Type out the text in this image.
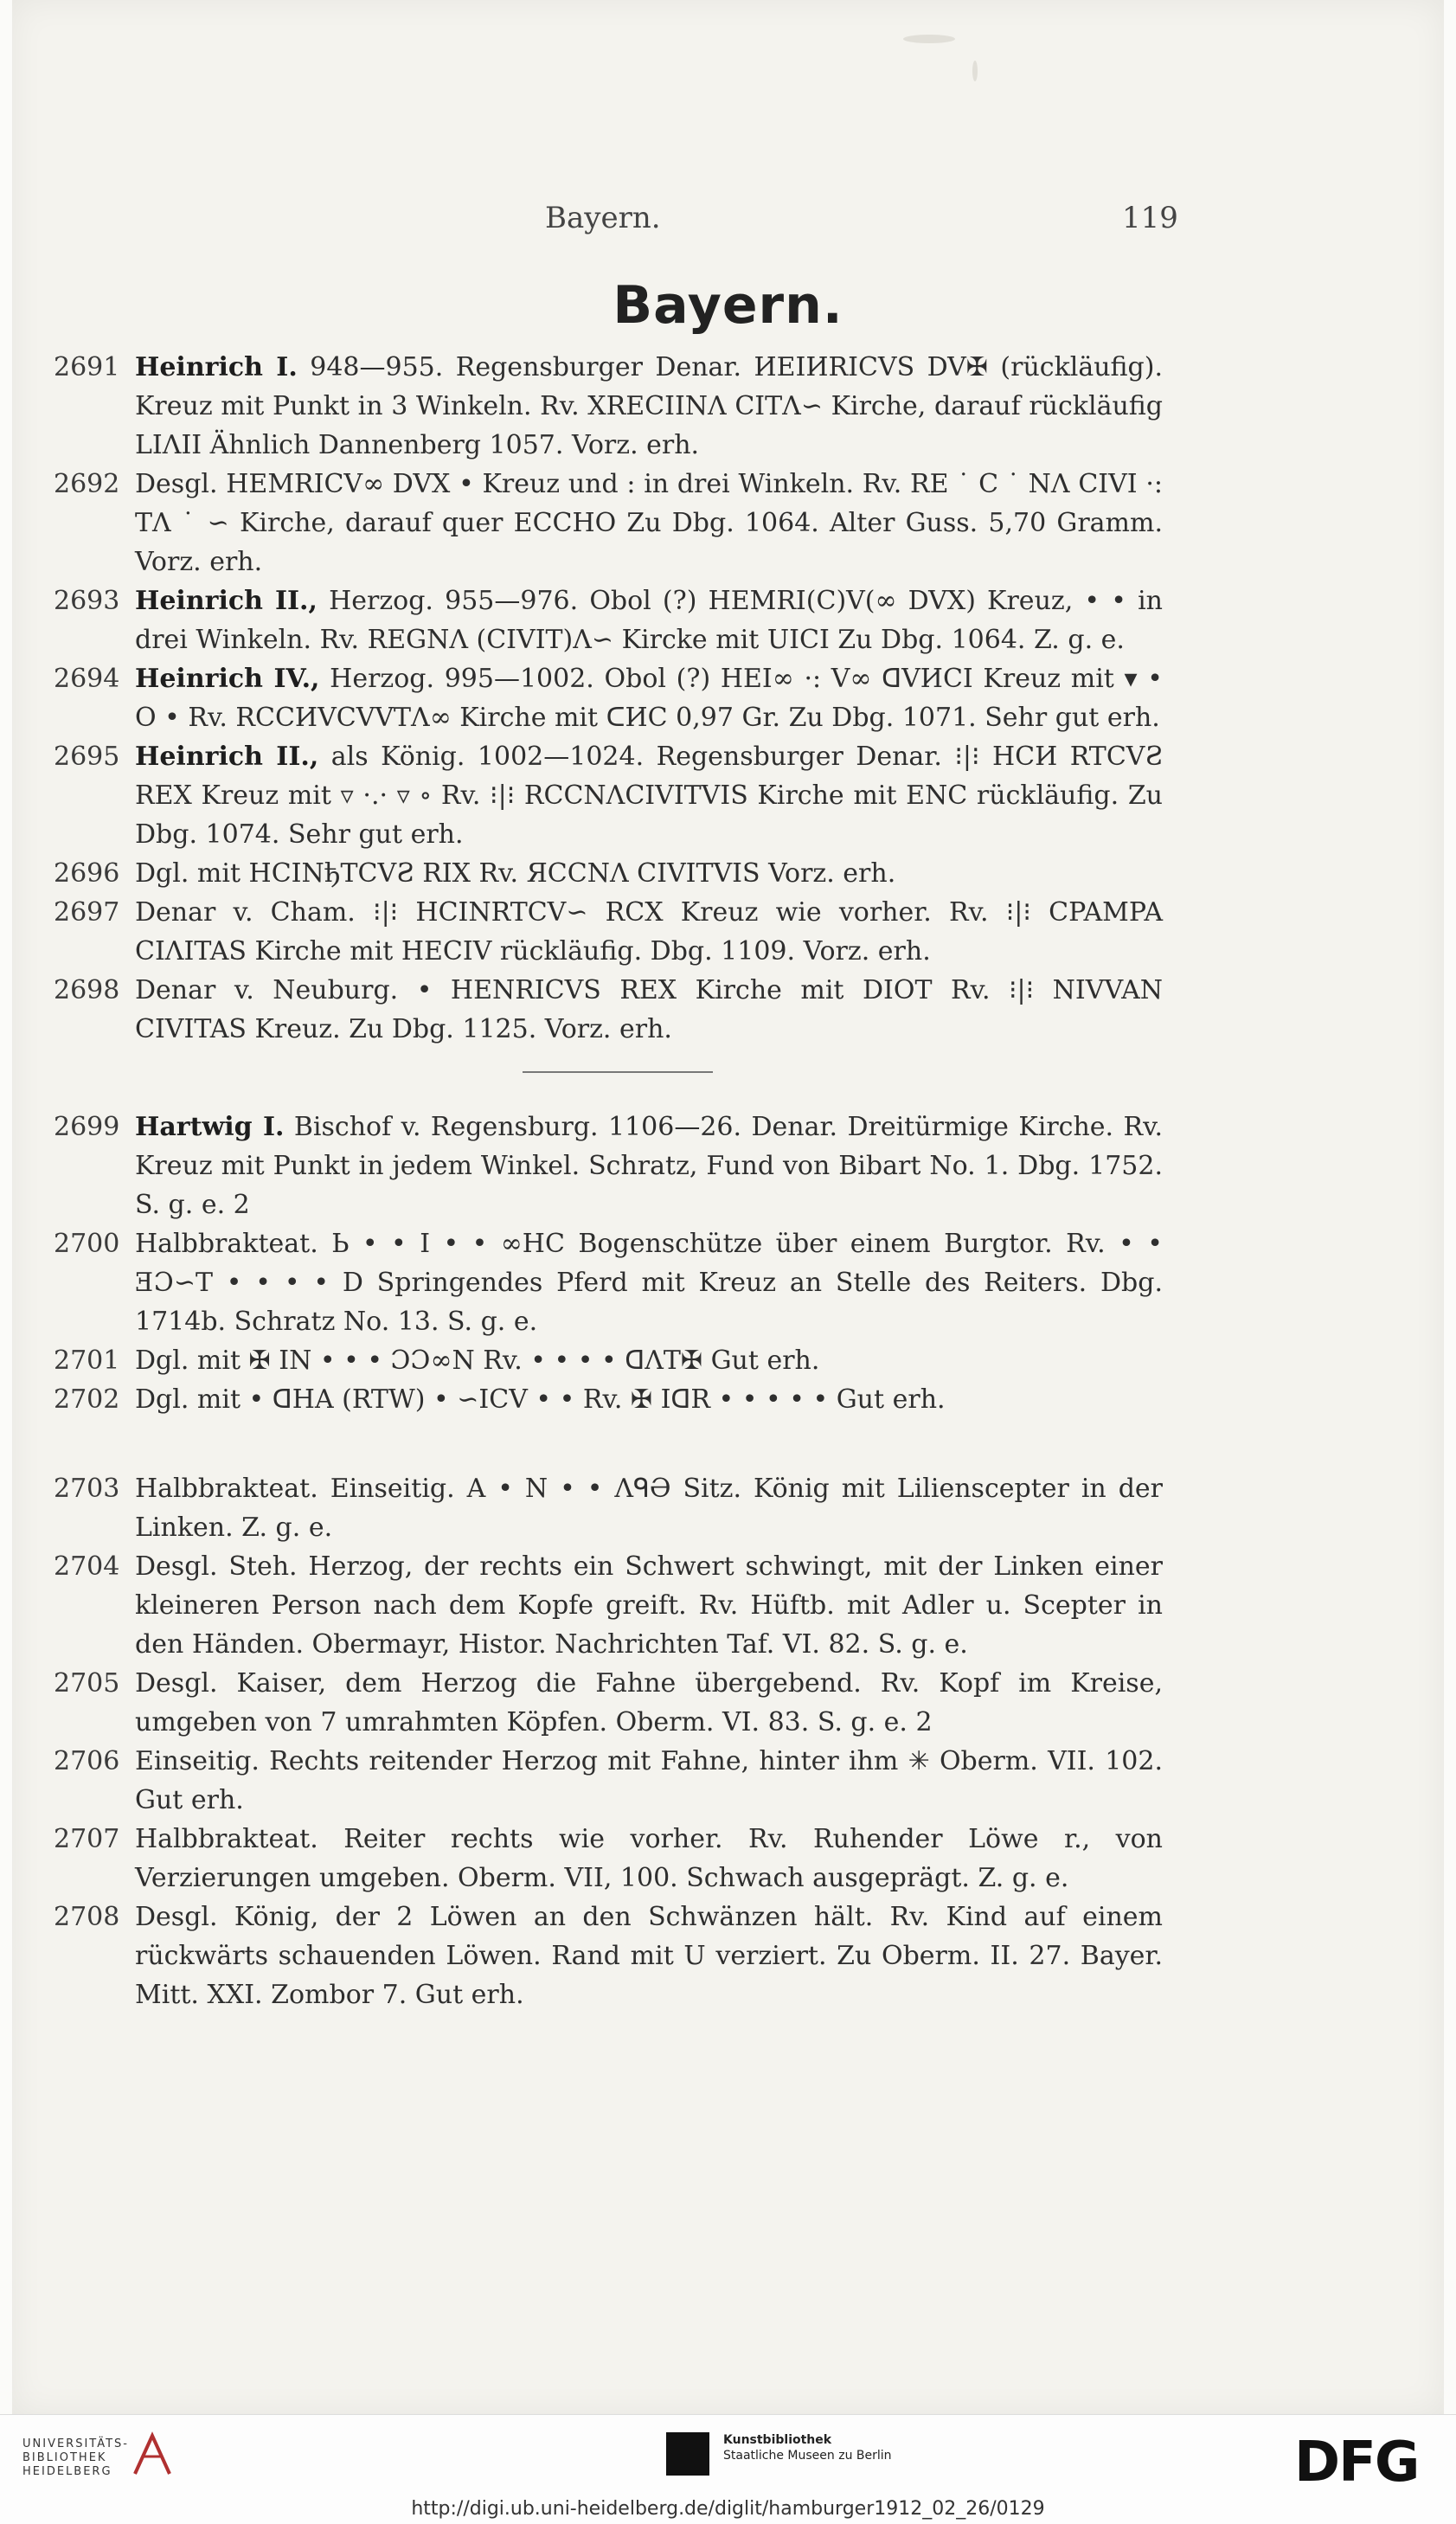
Bayern.	119
Bayern.
2691 Heinrich I. 948—955. Regensburger Denar. ИEIИRICVS DV✠ (rückläufig). Kreuz mit Punkt in 3 Winkeln. Rv. XRECIINΛ CITΛ∽ Kirche, darauf rückläufig LIΛII Ähnlich Dannenberg 1057. Vorz. erh.
2692 Desgl. HEMRICV∞ DVX • Kreuz und : in drei Winkeln. Rv. RE ˙ C ˙ NΛ CIVI ·: TΛ ˙ ∽ Kirche, darauf quer ECCHO Zu Dbg. 1064. Alter Guss. 5,70 Gramm. Vorz. erh.
2693 Heinrich II., Herzog. 955—976. Obol (?) HEMRI(C)V(∞ DVX) Kreuz, • • in drei Winkeln. Rv. REGNΛ (CIVIT)Λ∽ Kircke mit UICI Zu Dbg. 1064. Z. g. e.
2694 Heinrich IV., Herzog. 995—1002. Obol (?) HEI∞ ·: V∞ ᗡVИCI Kreuz mit ▾ • O • Rv. RCCИVCVVTΛ∞ Kirche mit ᑕИC 0,97 Gr. Zu Dbg. 1071. Sehr gut erh.
2695 Heinrich II., als König. 1002—1024. Regensburger Denar. ⁝|⁝ HCИ RTCVƧ REX Kreuz mit ▿ ·.· ▿ ∘ Rv. ⁝|⁝ RCCNΛCIVITVIS Kirche mit ENC rückläufig. Zu Dbg. 1074. Sehr gut erh.
2696 Dgl. mit HCINђTCVƧ RIX Rv. ЯCCNΛ CIVITVIS Vorz. erh.
2697 Denar v. Cham. ⁝|⁝ HCINRTCV∽ RCX Kreuz wie vorher. Rv. ⁝|⁝ CPAMPA CIΛITAS Kirche mit HECIV rückläufig. Dbg. 1109. Vorz. erh.
2698 Denar v. Neuburg. • HENRICVS REX Kirche mit DIOT Rv. ⁝|⁝ NIVVAN CIVITAS Kreuz. Zu Dbg. 1125. Vorz. erh.
2699 Hartwig I. Bischof v. Regensburg. 1106—26. Denar. Dreitürmige Kirche. Rv. Kreuz mit Punkt in jedem Winkel. Schratz, Fund von Bibart No. 1. Dbg. 1752. S. g. e. 2
2700 Halbbrakteat. Ь • • I • • ∞HC Bogenschütze über einem Burgtor. Rv. • • ƎƆ∽T • • • • D Springendes Pferd mit Kreuz an Stelle des Reiters. Dbg. 1714b. Schratz No. 13. S. g. e.
2701 Dgl. mit ✠ IN • • • ƆƆ∞N Rv. • • • • ᗡΛT✠ Gut erh.
2702 Dgl. mit • ᗡHA (RTW) • ∽ICV • • Rv. ✠ IᗡR • • • • • Gut erh.
2703 Halbbrakteat. Einseitig. A • N • • ΛᑫƏ Sitz. König mit Lilienscepter in der Linken. Z. g. e.
2704 Desgl. Steh. Herzog, der rechts ein Schwert schwingt, mit der Linken einer kleineren Person nach dem Kopfe greift. Rv. Hüftb. mit Adler u. Scepter in den Händen. Obermayr, Histor. Nachrichten Taf. VI. 82. S. g. e.
2705 Desgl. Kaiser, dem Herzog die Fahne übergebend. Rv. Kopf im Kreise, umgeben von 7 umrahmten Köpfen. Oberm. VI. 83. S. g. e. 2
2706 Einseitig. Rechts reitender Herzog mit Fahne, hinter ihm ✳ Oberm. VII. 102. Gut erh.
2707 Halbbrakteat. Reiter rechts wie vorher. Rv. Ruhender Löwe r., von Verzierungen umgeben. Oberm. VII, 100. Schwach ausgeprägt. Z. g. e.
2708 Desgl. König, der 2 Löwen an den Schwänzen hält. Rv. Kind auf einem rückwärts schauenden Löwen. Rand mit U verziert. Zu Oberm. II. 27. Bayer. Mitt. XXI. Zombor 7. Gut erh.
UNIVERSITÄTS-
BIBLIOTHEK
HEIDELBERG
Kunstbibliothek
Staatliche Museen zu Berlin	DFG
http://digi.ub.uni-heidelberg.de/diglit/hamburger1912_02_26/0129
